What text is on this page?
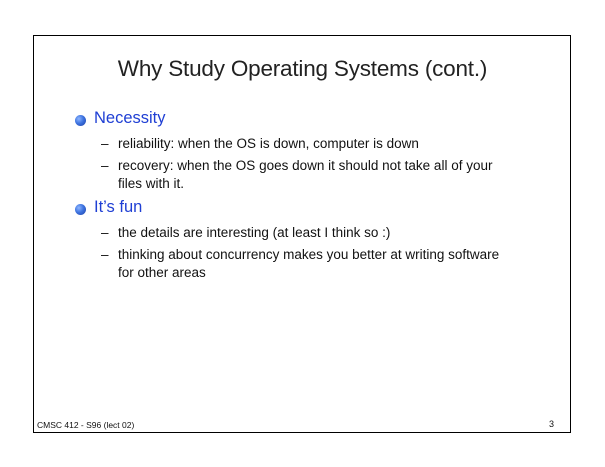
Why Study Operating Systems (cont.)
Necessity
– reliability: when the OS is down, computer is down
– recovery: when the OS goes down it should not take all of your files with it.
It’s fun
– the details are interesting (at least I think so :)
– thinking about concurrency makes you better at writing software for other areas
CMSC 412 - S96 (lect 02)	3
